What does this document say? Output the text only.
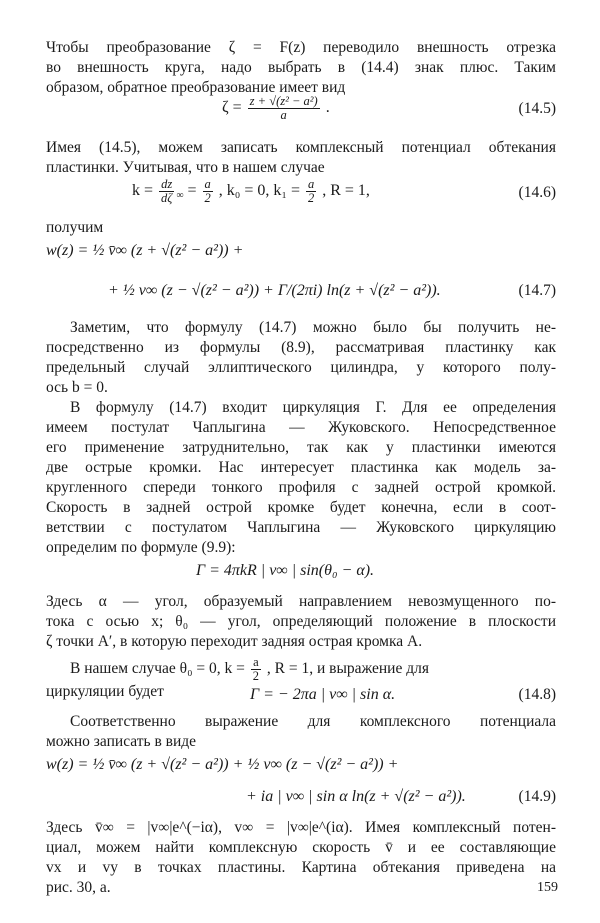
Чтобы преобразование ζ = F(z) переводило внешность отрезка
во внешность круга, надо выбрать в (14.4) знак плюс. Таким
образом, обратное преобразование имеет вид
$\zeta = \frac{\text{z + √(z² − a²)}}{a}$ .	(14.5)
Имея (14.5), можем записать комплексный потенциал обтекания
пластинки. Учитывая, что в нашем случае
$k = \frac{dz}{d\zeta} _\infty = \frac{a}{2}$ , k₀ = 0, $k_1 = \frac{a}{2}$ , R = 1,	(14.6)
получим
w(z) = ½ v̄∞ (z + √(z² − a²)) +
+ ½ v∞ (z − √(z² − a²)) + Γ/(2πi) ln(z + √(z² − a²)).	(14.7)
Заметим, что формулу (14.7) можно было бы получить не-
посредственно из формулы (8.9), рассматривая пластинку как
предельный случай эллиптического цилиндра, у которого полу-
ось b = 0.
В формулу (14.7) входит циркуляция Γ. Для ее определения
имеем постулат Чаплыгина — Жуковского. Непосредственное
его применение затруднительно, так как у пластинки имеются
две острые кромки. Нас интересует пластинка как модель за-
кругленного спереди тонкого профиля с задней острой кромкой.
Скорость в задней острой кромке будет конечна, если в соот-
ветствии с постулатом Чаплыгина — Жуковского циркуляцию
определим по формуле (9.9):
Γ = 4πkR | v∞ | sin(θ₀ − α).
Здесь α — угол, образуемый направлением невозмущенного по-
тока с осью x; θ₀ — угол, определяющий положение в плоскости
ζ точки A′, в которую переходит задняя острая кромка A.
В нашем случае θ₀ = 0, $k = \frac{a}{2}$ , R = 1, и выражение для
циркуляции будет	Γ = − 2πa | v∞ | sin α.	(14.8)
Соответственно выражение для комплексного потенциала
можно записать в виде
w(z) = ½ v̄∞ (z + √(z² − a²)) + ½ v∞ (z − √(z² − a²)) +
+ ia | v∞ | sin α ln(z + √(z² − a²)).	(14.9)
Здесь v̄∞ = |v∞|e^(−iα), v∞ = |v∞|e^(iα). Имея комплексный потен-
циал, можем найти комплексную скорость v̄ и ее составляющие
vx и vy в точках пластины. Картина обтекания приведена на
рис. 30, а.	159
